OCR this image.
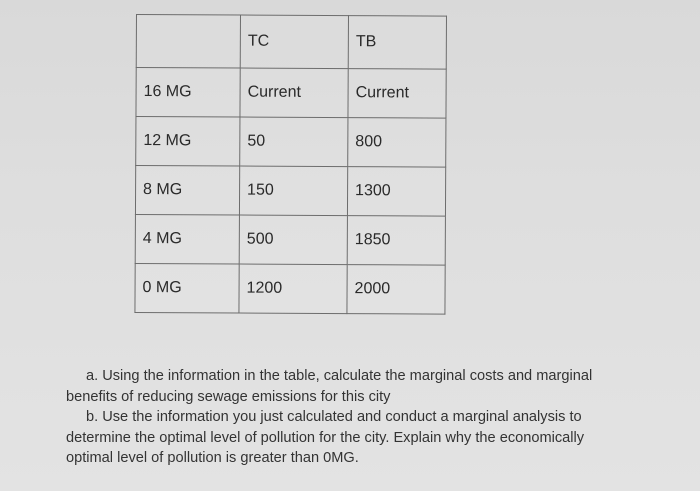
	TC	TB
16 MG	Current	Current
12 MG	50	800
8 MG	150	1300
4 MG	500	1850
0 MG	1200	2000
a. Using the information in the table, calculate the marginal costs and marginal
benefits of reducing sewage emissions for this city
b. Use the information you just calculated and conduct a marginal analysis to
determine the optimal level of pollution for the city. Explain why the economically
optimal level of pollution is greater than 0MG.
